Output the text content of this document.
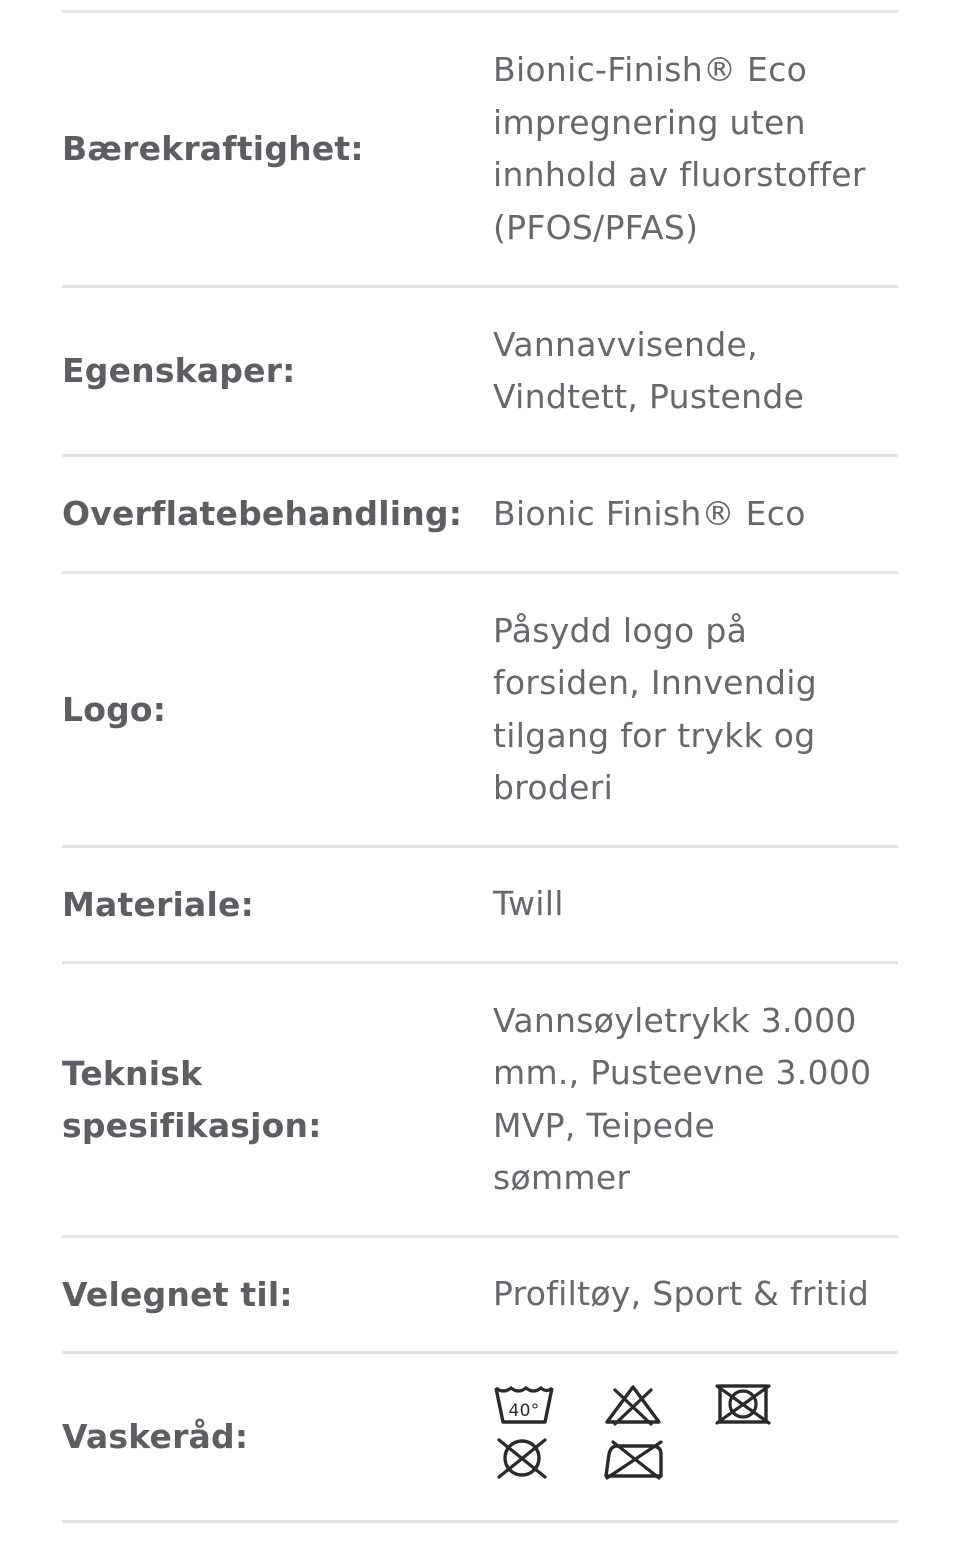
Bærekraftighet:
Bionic-Finish® Eco
impregnering uten
innhold av fluorstoffer
(PFOS/PFAS)
Egenskaper:
Vannavvisende,
Vindtett, Pustende
Overflatebehandling: Bionic Finish® Eco
Logo:
Påsydd logo på
forsiden, Innvendig
tilgang for trykk og
broderi
Materiale:	Twill
Teknisk
spesifikasjon:
Vannsøyletrykk 3.000
mm., Pusteevne 3.000
MVP, Teipede
sømmer
Velegnet til:	Profiltøy, Sport & fritid
Vaskeråd:
40°
